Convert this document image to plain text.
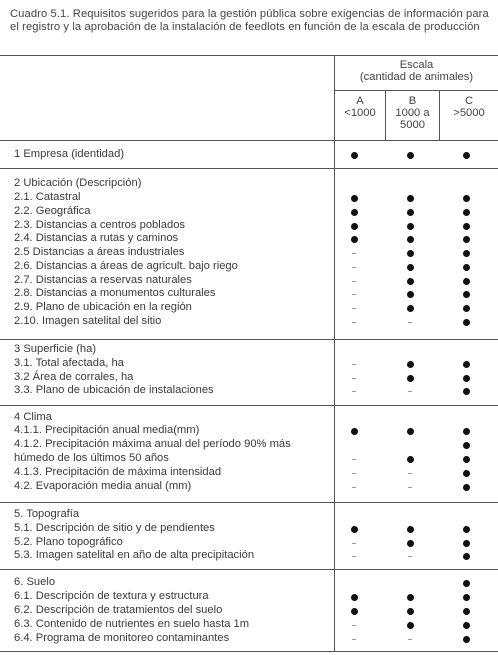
Cuadro 5.1. Requisitos sugeridos para la gestión pública sobre exigencias de información para el registro y la aprobación de la instalación de feedlots en función de la escala de producción
Escala
(cantidad de animales)
A
<1000
B
1000 a
5000
C
>5000
1 Empresa (identidad)
2 Ubicación (Descripción)
2.1. Catastral
2.2. Geográfica
2.3. Distancias a centros poblados
2.4. Distancias a rutas y caminos
2.5 Distancias a áreas industriales
2.6. Distancias a áreas de agricult. bajo riego
2.7. Distancias a reservas naturales
2.8. Distancias a monumentos culturales
2.9. Plano de ubicación en la región
2.10. Imagen satelital del sitio
3 Superficie (ha)
3.1. Total afectada, ha
3.2 Área de corrales, ha
3.3. Plano de ubicación de instalaciones
4 Clima
4.1.1. Precipitación anual media(mm)
4.1.2. Precipitación máxima anual del período 90% más
húmedo de los últimos 50 años
4.1.3. Precipitación de máxima intensidad
4.2. Evaporación media anual (mm)
5. Topografía
5.1. Descripción de sitio y de pendientes
5.2. Plano topográfico
5.3. Imagen satelital en año de alta precipitación
6. Suelo
6.1. Descripción de textura y estructura
6.2. Descripción de tratamientos del suelo
6.3. Contenido de nutrientes en suelo hasta 1m
6.4. Programa de monitoreo contaminantes
